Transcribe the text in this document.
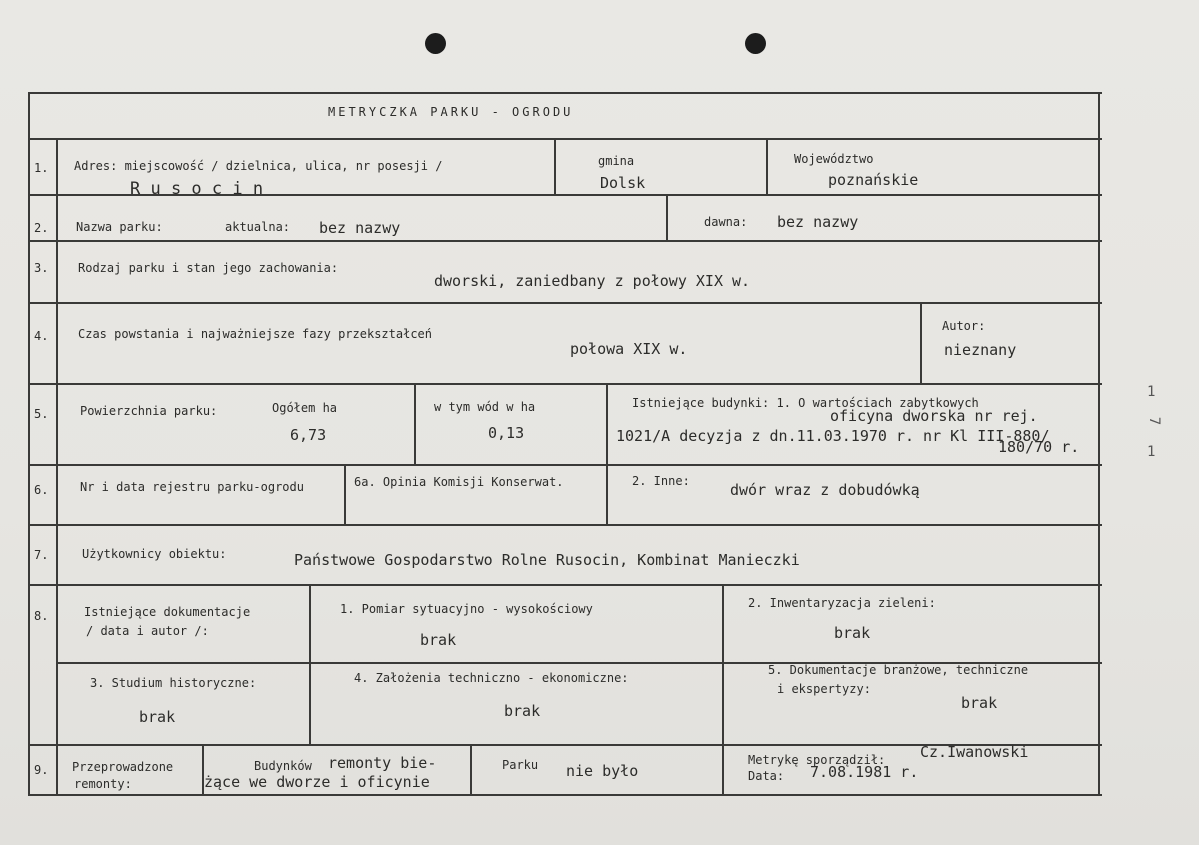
1
7
1
METRYCZKA PARKU - OGRODU
1. Adres: miejscowość / dzielnica, ulica, nr posesji /
R u s o c i n
gmina
Dolsk
Województwo
poznańskie
2. Nazwa parku:	aktualna: bez nazwy	dawna: bez nazwy
3. Rodzaj parku i stan jego zachowania:
dworski, zaniedbany z połowy XIX w.
4. Czas powstania i najważniejsze fazy przekształceń
połowa XIX w.
Autor:
nieznany
5.	Powierzchnia parku:	Ogółem ha
6,73
w tym wód w ha
0,13
Istniejące budynki: 1. O wartościach zabytkowych
oficyna dworska nr rej.
1021/A decyzja z dn.11.03.1970 r. nr Kl III-880/
180/70 r.
6.	Nr i data rejestru parku-ogrodu	6a. Opinia Komisji Konserwat.	2. Inne:	dwór wraz z dobudówką
7.	Użytkownicy obiektu:	Państwowe Gospodarstwo Rolne Rusocin, Kombinat Manieczki
8.	Istniejące dokumentacje
/ data i autor /:
1. Pomiar sytuacyjno - wysokościowy
brak
2. Inwentaryzacja zieleni:
brak
3. Studium historyczne:
brak
4. Założenia techniczno - ekonomiczne:
brak
5. Dokumentacje branżowe, techniczne
i ekspertyzy:
brak
9. Przeprowadzone
remonty:
Budynków remonty bie-
żące we dworze i oficynie
Parku nie było
Metrykę sporządził: Cz.Iwanowski
Data: 7.08.1981 r.
